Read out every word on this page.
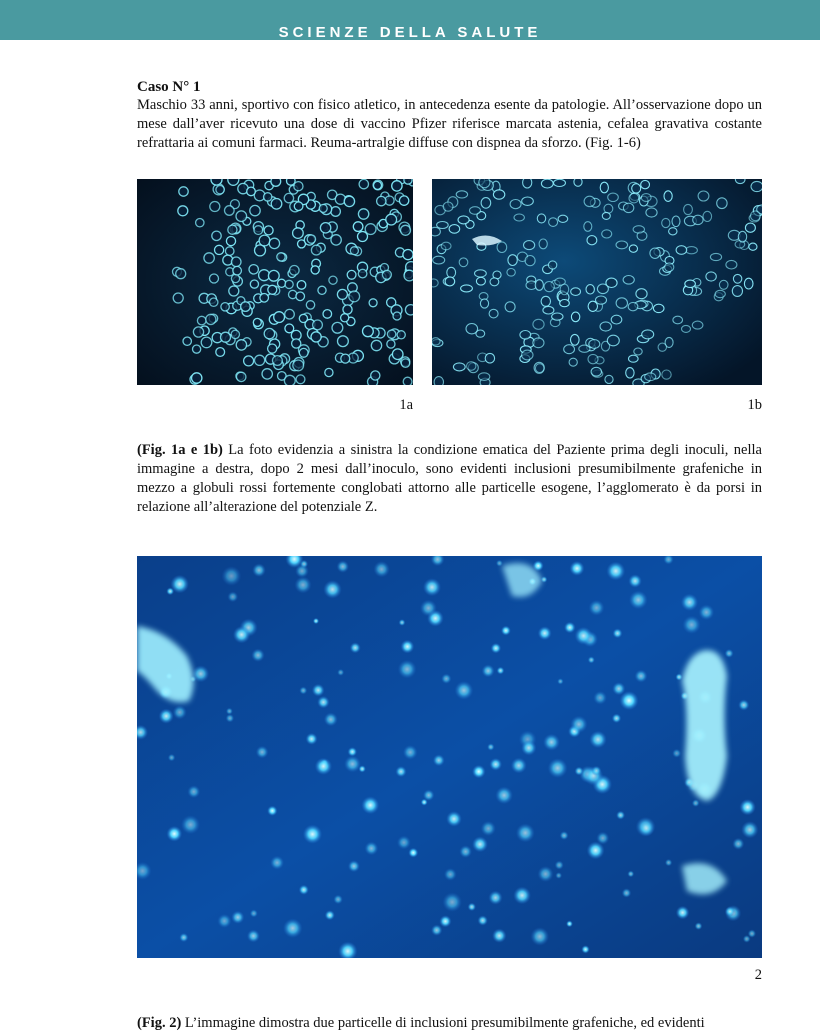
SCIENZE DELLA SALUTE
Caso N° 1
Maschio 33 anni, sportivo con fisico atletico, in antecedenza esente da patologie. All’osservazione dopo un mese dall’aver ricevuto una dose di vaccino Pfizer riferisce marcata astenia, cefalea gravativa costante refrattaria ai comuni farmaci. Reuma-artralgie diffuse con dispnea da sforzo. (Fig. 1-6)
1a	1b
(Fig. 1a e 1b) La foto evidenzia a sinistra la condizione ematica del Paziente prima degli inoculi, nella immagine a destra, dopo 2 mesi dall’inoculo, sono evidenti inclusioni presumibilmente grafeniche in mezzo a globuli rossi fortemente conglobati attorno alle particelle esogene, l’agglomerato è da porsi in relazione all’alterazione del potenziale Z.
2
(Fig. 2) L’immagine dimostra due particelle di inclusioni presumibilmente grafeniche, ed evidenti
